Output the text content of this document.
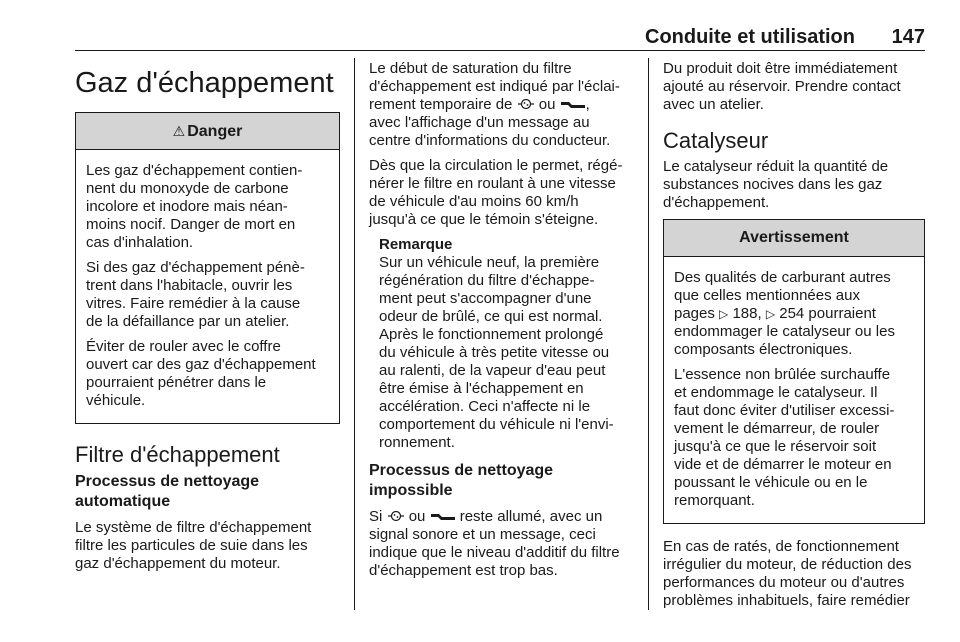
Conduite et utilisation 147
Gaz d'échappement
⚠ Danger

Les gaz d'échappement contien-
nent du monoxyde de carbone
incolore et inodore mais néan-
moins nocif. Danger de mort en
cas d'inhalation.

Si des gaz d'échappement pénè-
trent dans l'habitacle, ouvrir les
vitres. Faire remédier à la cause
de la défaillance par un atelier.

Éviter de rouler avec le coffre
ouvert car des gaz d'échappement
pourraient pénétrer dans le
véhicule.

Filtre d'échappement
Processus de nettoyage
automatique

Le système de filtre d'échappement
filtre les particules de suie dans les
gaz d'échappement du moteur.

Le début de saturation du filtre
d'échappement est indiqué par l'éclai-
rement temporaire de ou ,
avec l'affichage d'un message au
centre d'informations du conducteur.

Dès que la circulation le permet, régé-
nérer le filtre en roulant à une vitesse
de véhicule d'au moins 60 km/h
jusqu'à ce que le témoin s'éteigne.

Remarque
Sur un véhicule neuf, la première
régénération du filtre d'échappe-
ment peut s'accompagner d'une
odeur de brûlé, ce qui est normal.
Après le fonctionnement prolongé
du véhicule à très petite vitesse ou
au ralenti, de la vapeur d'eau peut
être émise à l'échappement en
accélération. Ceci n'affecte ni le
comportement du véhicule ni l'envi-
ronnement.
Processus de nettoyage
impossible

Si ou reste allumé, avec un
signal sonore et un message, ceci
indique que le niveau d'additif du filtre
d'échappement est trop bas.

Du produit doit être immédiatement
ajouté au réservoir. Prendre contact
avec un atelier.

Catalyseur

Le catalyseur réduit la quantité de
substances nocives dans les gaz
d'échappement.

Avertissement

Des qualités de carburant autres
que celles mentionnées aux
pages ▷ 188, ▷ 254 pourraient
endommager le catalyseur ou les
composants électroniques.

L'essence non brûlée surchauffe
et endommage le catalyseur. Il
faut donc éviter d'utiliser excessi-
vement le démarreur, de rouler
jusqu'à ce que le réservoir soit
vide et de démarrer le moteur en
poussant le véhicule ou en le
remorquant.

En cas de ratés, de fonctionnement
irrégulier du moteur, de réduction des
performances du moteur ou d'autres
problèmes inhabituels, faire remédier
